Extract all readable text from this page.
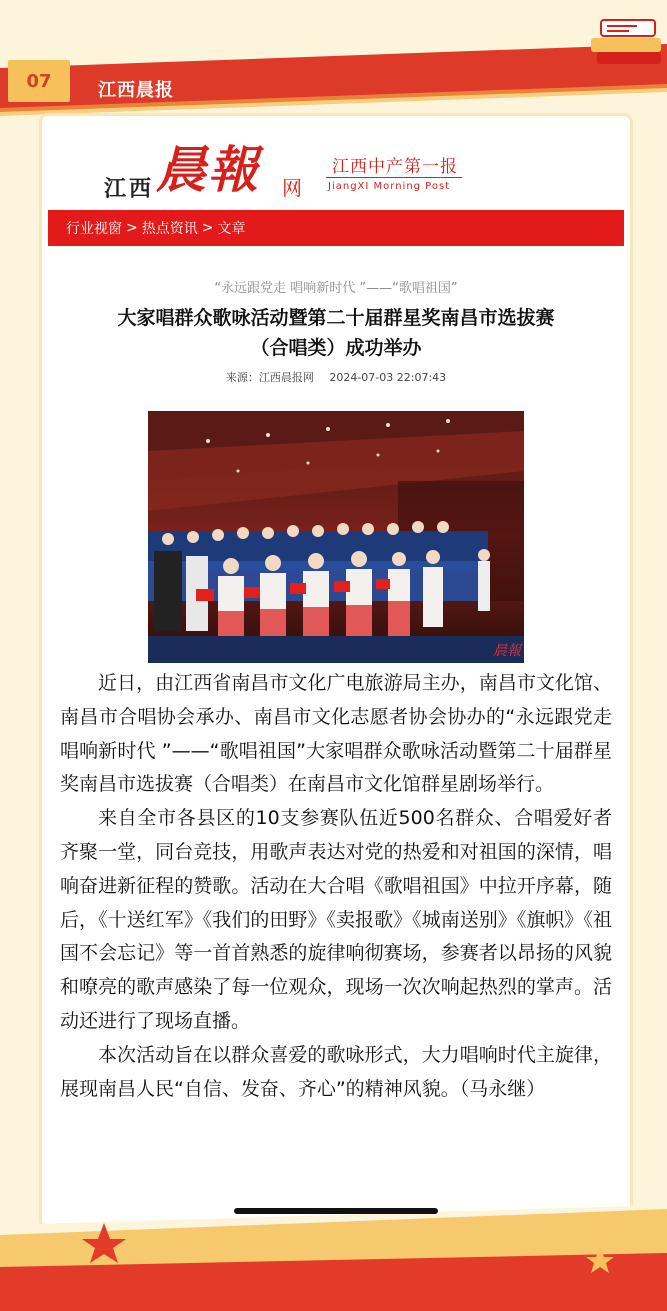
07	江西晨报
江西 晨報 网
江西中产第一报
JiangXI Morning Post
行业视窗 > 热点资讯 > 文章
“永远跟党走 唱响新时代 ”——“歌唱祖国”
大家唱群众歌咏活动暨第二十届群星奖南昌市选拔赛
（合唱类）成功举办
来源：江西晨报网 2024-07-03 22:07:43
晨報

近日，由江西省南昌市文化广电旅游局主办，南昌市文化馆、南昌市合唱协会承办、南昌市文化志愿者协会协办的“永远跟党走 唱响新时代 ”——“歌唱祖国”大家唱群众歌咏活动暨第二十届群星奖南昌市选拔赛（合唱类）在南昌市文化馆群星剧场举行。

来自全市各县区的10支参赛队伍近500名群众、合唱爱好者齐聚一堂，同台竞技，用歌声表达对党的热爱和对祖国的深情，唱响奋进新征程的赞歌。活动在大合唱《歌唱祖国》中拉开序幕，随后，《十送红军》《我们的田野》《卖报歌》《城南送别》《旗帜》《祖国不会忘记》等一首首熟悉的旋律响彻赛场，参赛者以昂扬的风貌和嘹亮的歌声感染了每一位观众，现场一次次响起热烈的掌声。活动还进行了现场直播。

本次活动旨在以群众喜爱的歌咏形式，大力唱响时代主旋律，展现南昌人民“自信、发奋、齐心”的精神风貌。（马永继）
